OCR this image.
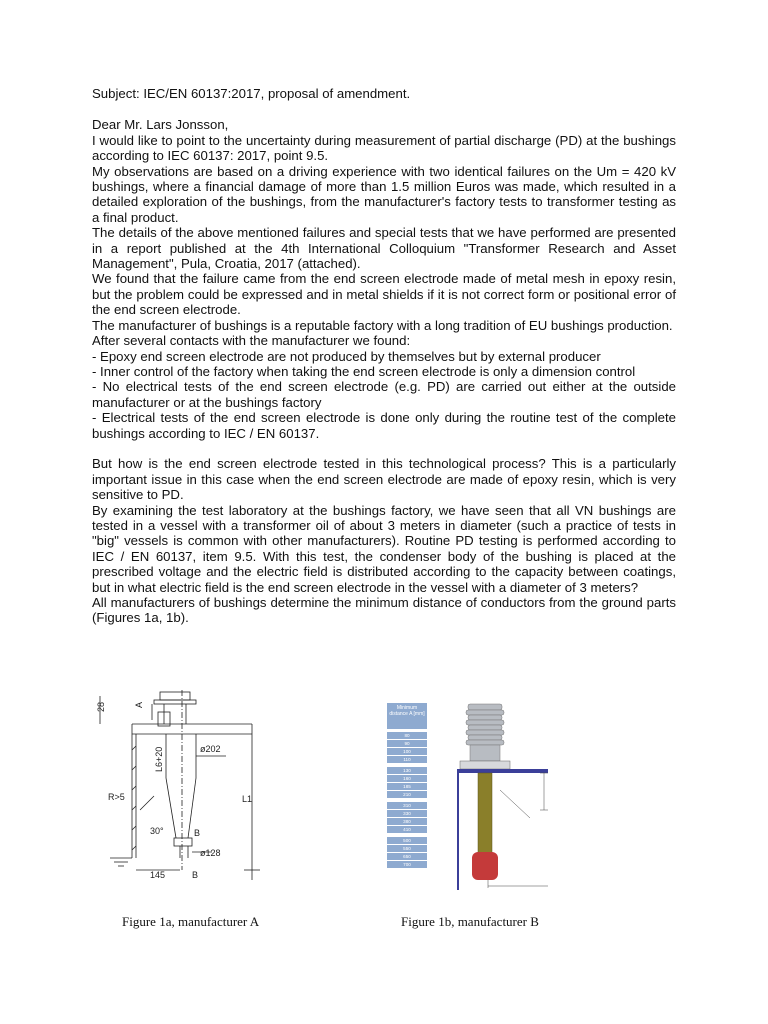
Subject: IEC/EN 60137:2017, proposal of amendment.

Dear Mr. Lars Jonsson,

I would like to point to the uncertainty during measurement of partial discharge (PD) at the bushings according to IEC 60137: 2017, point 9.5.

My observations are based on a driving experience with two identical failures on the Um = 420 kV bushings, where a financial damage of more than 1.5 million Euros was made, which resulted in a detailed exploration of the bushings, from the manufacturer's factory tests to transformer testing as a final product.

The details of the above mentioned failures and special tests that we have performed are presented in a report published at the 4th International Colloquium "Transformer Research and Asset Management", Pula, Croatia, 2017 (attached).

We found that the failure came from the end screen electrode made of metal mesh in epoxy resin, but the problem could be expressed and in metal shields if it is not correct form or positional error of the end screen electrode.

The manufacturer of bushings is a reputable factory with a long tradition of EU bushings production.

After several contacts with the manufacturer we found:

- Epoxy end screen electrode are not produced by themselves but by external producer

- Inner control of the factory when taking the end screen electrode is only a dimension control

- No electrical tests of the end screen electrode (e.g. PD) are carried out either at the outside manufacturer or at the bushings factory

- Electrical tests of the end screen electrode is done only during the routine test of the complete bushings according to IEC / EN 60137.

But how is the end screen electrode tested in this technological process? This is a particularly important issue in this case when the end screen electrode are made of epoxy resin, which is very sensitive to PD.

By examining the test laboratory at the bushings factory, we have seen that all VN bushings are tested in a vessel with a transformer oil of about 3 meters in diameter (such a practice of tests in "big" vessels is common with other manufacturers). Routine PD testing is performed according to IEC / EN 60137, item 9.5. With this test, the condenser body of the bushing is placed at the prescribed voltage and the electric field is distributed according to the capacity between coatings, but in what electric field is the end screen electrode in the vessel with a diameter of 3 meters?

All manufacturers of bushings determine the minimum distance of conductors from the ground parts (Figures 1a, 1b).

28	A
ø202
L6+20
R>5	L1
30°	B
ø128
145	B
Minimum distance A [mm]
80
90
100
110
130
160
185
210
310
330
380
410
500
550
650
700
Figure 1a, manufacturer A	Figure 1b, manufacturer B
